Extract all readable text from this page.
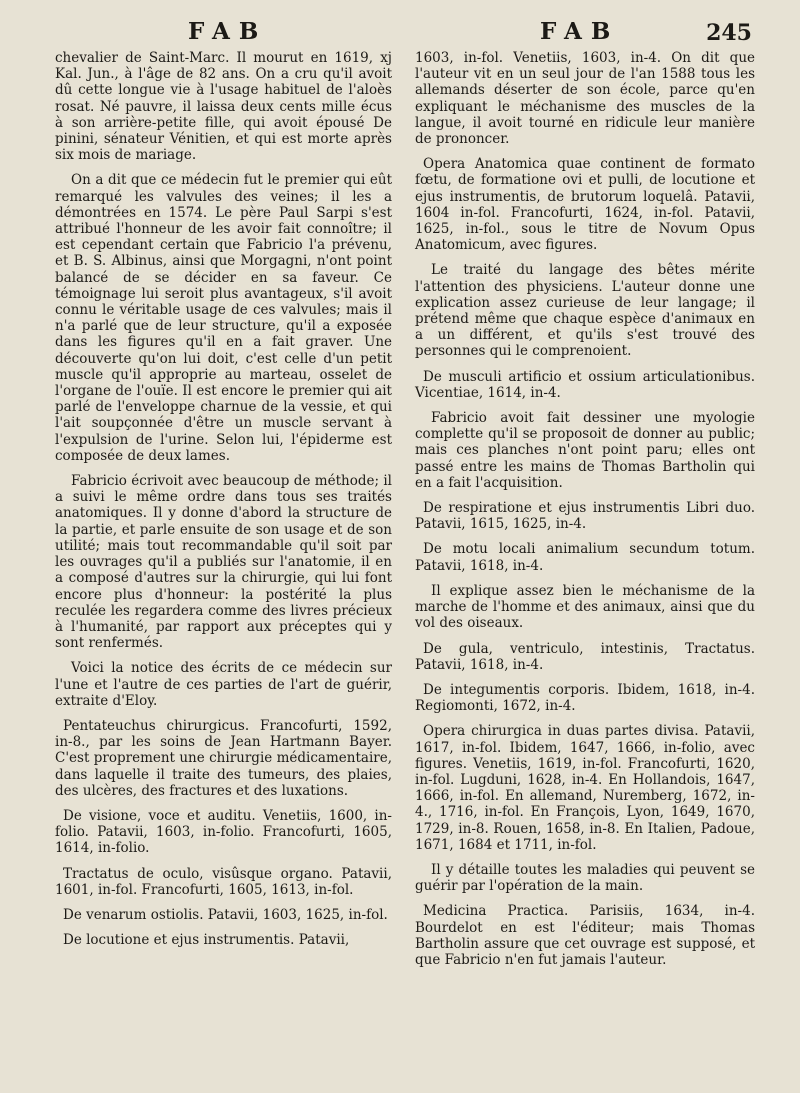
FAB	FAB	245

chevalier de Saint-Marc. Il mourut en 1619, xj Kal. Jun., à l'âge de 82 ans. On a cru qu'il avoit dû cette longue vie à l'usage habituel de l'aloès rosat. Né pauvre, il laissa deux cents mille écus à son arrière-petite fille, qui avoit épousé De pinini, sénateur Vénitien, et qui est morte après six mois de mariage.

On a dit que ce médecin fut le premier qui eût remarqué les valvules des veines; il les a démontrées en 1574. Le père Paul Sarpi s'est attribué l'honneur de les avoir fait connoître; il est cependant certain que Fabricio l'a prévenu, et B. S. Albinus, ainsi que Morgagni, n'ont point balancé de se décider en sa faveur. Ce témoignage lui seroit plus avantageux, s'il avoit connu le véritable usage de ces valvules; mais il n'a parlé que de leur structure, qu'il a exposée dans les figures qu'il en a fait graver. Une découverte qu'on lui doit, c'est celle d'un petit muscle qu'il approprie au marteau, osselet de l'organe de l'ouïe. Il est encore le premier qui ait parlé de l'enveloppe charnue de la vessie, et qui l'ait soupçonnée d'être un muscle servant à l'expulsion de l'urine. Selon lui, l'épiderme est composée de deux lames.

Fabricio écrivoit avec beaucoup de méthode; il a suivi le même ordre dans tous ses traités anatomiques. Il y donne d'abord la structure de la partie, et parle ensuite de son usage et de son utilité; mais tout recommandable qu'il soit par les ouvrages qu'il a publiés sur l'anatomie, il en a composé d'autres sur la chirurgie, qui lui font encore plus d'honneur: la postérité la plus reculée les regardera comme des livres précieux à l'humanité, par rapport aux préceptes qui y sont renfermés.

Voici la notice des écrits de ce médecin sur l'une et l'autre de ces parties de l'art de guérir, extraite d'Eloy.

Pentateuchus chirurgicus. Francofurti, 1592, in-8., par les soins de Jean Hartmann Bayer. C'est proprement une chirurgie médicamentaire, dans laquelle il traite des tumeurs, des plaies, des ulcères, des fractures et des luxations.

De visione, voce et auditu. Venetiis, 1600, in-folio. Patavii, 1603, in-folio. Francofurti, 1605, 1614, in-folio.

Tractatus de oculo, visûsque organo. Patavii, 1601, in-fol. Francofurti, 1605, 1613, in-fol.

De venarum ostiolis. Patavii, 1603, 1625, in-fol.

De locutione et ejus instrumentis. Patavii,

1603, in-fol. Venetiis, 1603, in-4. On dit que l'auteur vit en un seul jour de l'an 1588 tous les allemands déserter de son école, parce qu'en expliquant le méchanisme des muscles de la langue, il avoit tourné en ridicule leur manière de prononcer.

Opera Anatomica quae continent de formato fœtu, de formatione ovi et pulli, de locutione et ejus instrumentis, de brutorum loquelâ. Patavii, 1604 in-fol. Francofurti, 1624, in-fol. Patavii, 1625, in-fol., sous le titre de Novum Opus Anatomicum, avec figures.

Le traité du langage des bêtes mérite l'attention des physiciens. L'auteur donne une explication assez curieuse de leur langage; il prétend même que chaque espèce d'animaux en a un différent, et qu'ils s'est trouvé des personnes qui le comprenoient.

De musculi artificio et ossium articulationibus. Vicentiae, 1614, in-4.

Fabricio avoit fait dessiner une myologie complette qu'il se proposoit de donner au public; mais ces planches n'ont point paru; elles ont passé entre les mains de Thomas Bartholin qui en a fait l'acquisition.

De respiratione et ejus instrumentis Libri duo. Patavii, 1615, 1625, in-4.

De motu locali animalium secundum totum. Patavii, 1618, in-4.

Il explique assez bien le méchanisme de la marche de l'homme et des animaux, ainsi que du vol des oiseaux.

De gula, ventriculo, intestinis, Tractatus. Patavii, 1618, in-4.

De integumentis corporis. Ibidem, 1618, in-4. Regiomonti, 1672, in-4.

Opera chirurgica in duas partes divisa. Patavii, 1617, in-fol. Ibidem, 1647, 1666, in-folio, avec figures. Venetiis, 1619, in-fol. Francofurti, 1620, in-fol. Lugduni, 1628, in-4. En Hollandois, 1647, 1666, in-fol. En allemand, Nuremberg, 1672, in-4., 1716, in-fol. En François, Lyon, 1649, 1670, 1729, in-8. Rouen, 1658, in-8. En Italien, Padoue, 1671, 1684 et 1711, in-fol.

Il y détaille toutes les maladies qui peuvent se guérir par l'opération de la main.

Medicina Practica. Parisiis, 1634, in-4. Bourdelot en est l'éditeur; mais Thomas Bartholin assure que cet ouvrage est supposé, et que Fabricio n'en fut jamais l'auteur.
